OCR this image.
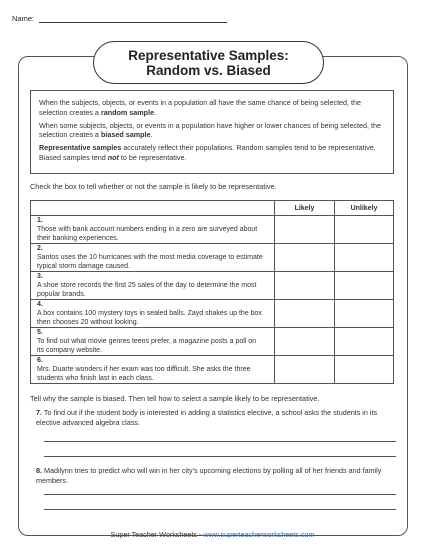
Name:
Representative Samples:
Random vs. Biased

When the subjects, objects, or events in a population all have the same chance of being selected, the selection creates a random sample.

When some subjects, objects, or events in a population have higher or lower chances of being selected, the selection creates a biased sample.

Representative samples accurately reflect their populations. Random samples tend to be representative. Biased samples tend not to be representative.

Check the box to tell whether or not the sample is likely to be representative.
	Likely	Unlikely
1.Those with bank account numbers ending in a zero are surveyed about their banking experiences.		
2.Santos uses the 10 hurricanes with the most media coverage to estimate typical storm damage caused.		
3.A shoe store records the first 25 sales of the day to determine the most popular brands.		
4.A box contains 100 mystery toys in sealed balls. Zayd shakes up the box then chooses 20 without looking.		
5.To find out what movie genres teens prefer, a magazine posts a poll on its company website.		
6.Mrs. Duarte wonders if her exam was too difficult. She asks the three students who finish last in each class.		
Tell why the sample is biased. Then tell how to select a sample likely to be representative.
7. To find out if the student body is interested in adding a statistics elective, a school asks the students in its elective advanced algebra class.
8. Madilynn tries to predict who will win in her city's upcoming elections by polling all of her friends and family members.
Super Teacher Worksheets - www.superteacherworksheets.com
